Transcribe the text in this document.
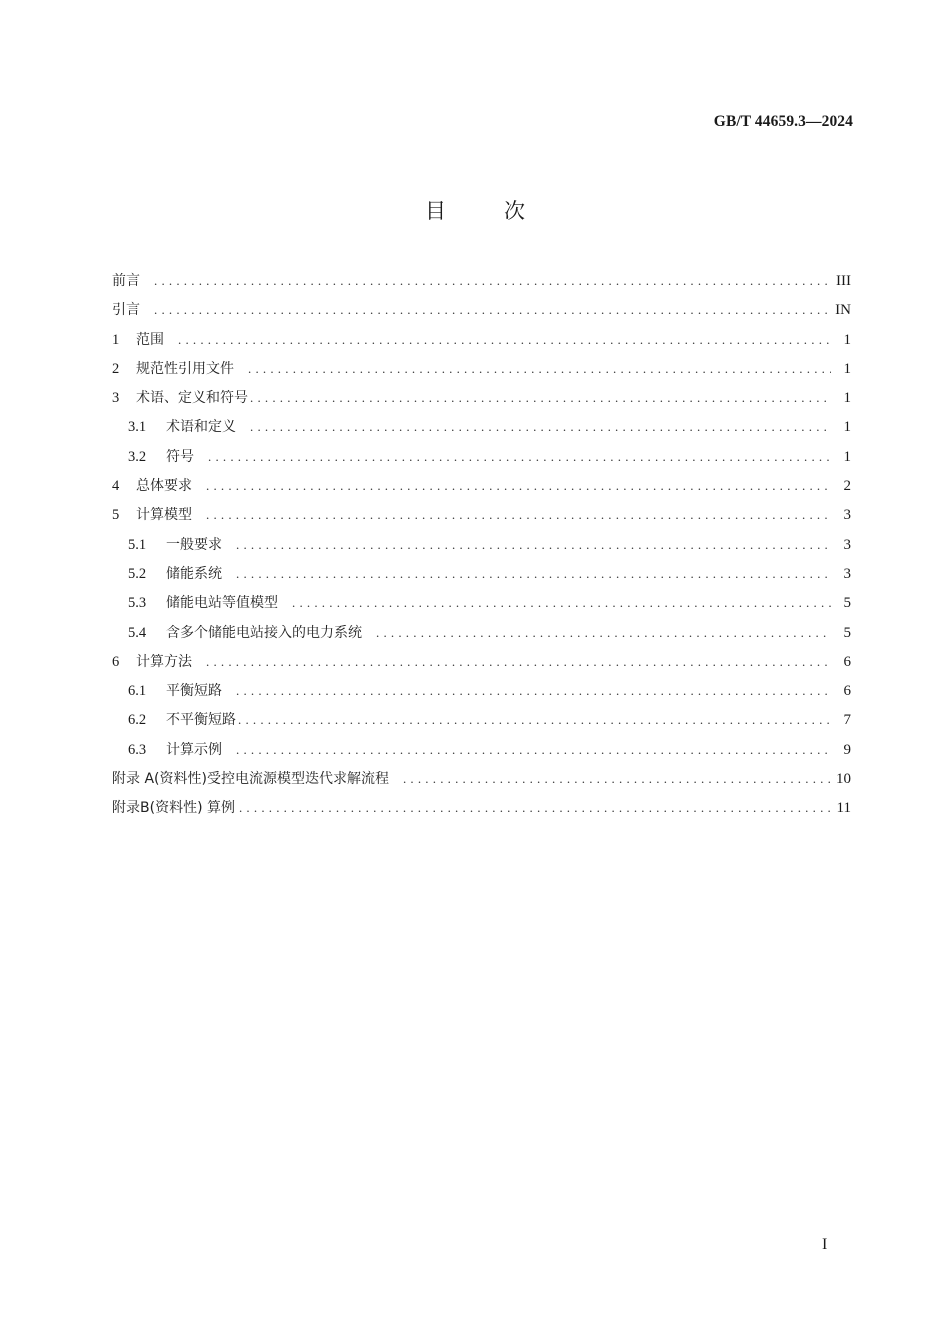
GB/T 44659.3—2024
目	次
前言 .....	III
引言 .....	IN
1	范围 .....	1
2	规范性引用文件 .....	1
3	术语、定义和符号 .....	1
3.1	术语和定义 .....	1
3.2	符号 .....	1
4	总体要求 .....	2
5	计算模型 .....	3
5.1	一般要求 .....	3
5.2	储能系统 .....	3
5.3	储能电站等值模型 .....	5
5.4	含多个储能电站接入的电力系统 .....	5
6	计算方法 .....	6
6.1	平衡短路 .....	6
6.2	不平衡短路 .....	7
6.3	计算示例 .....	9
附录 A(资料性)受控电流源模型迭代求解流程 .....	10
附录B(资料性) 算例 .....	11
I
